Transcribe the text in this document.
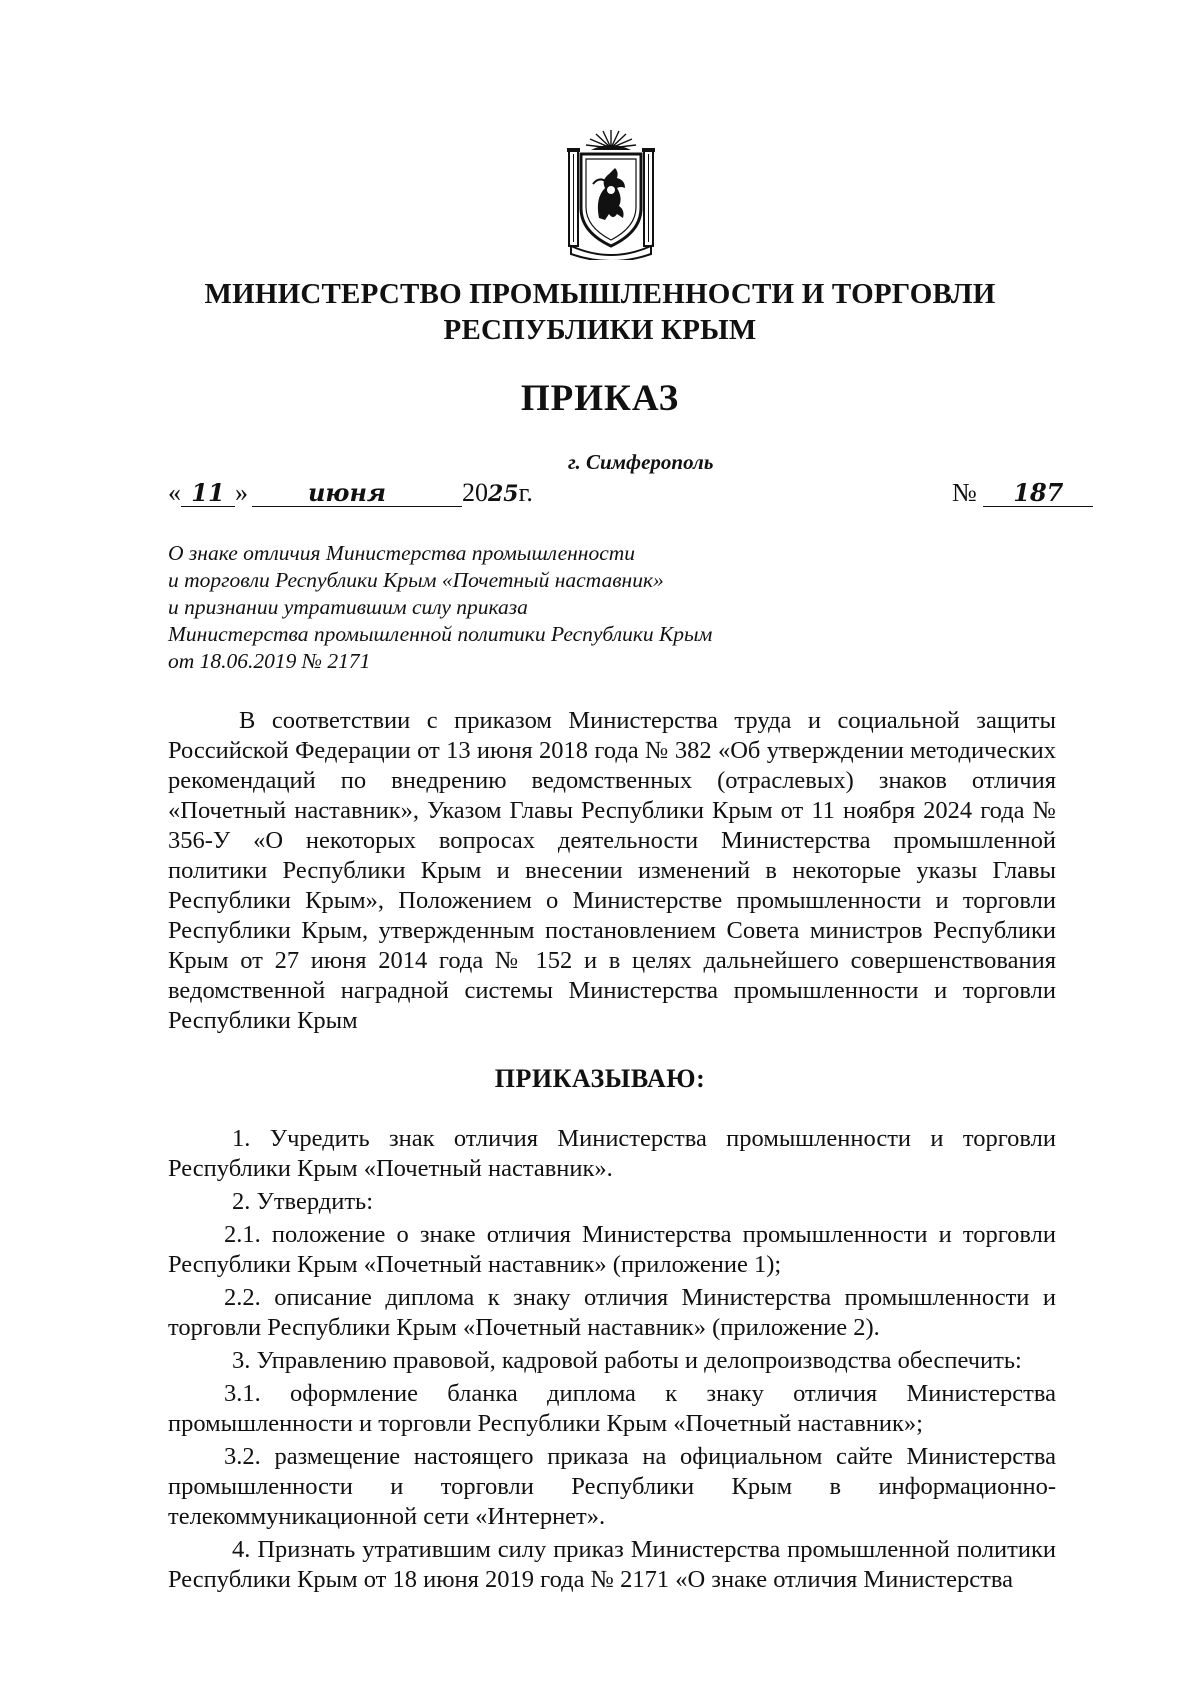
МИНИСТЕРСТВО ПРОМЫШЛЕННОСТИ И ТОРГОВЛИ
РЕСПУБЛИКИ КРЫМ
ПРИКАЗ
г. Симферополь
« 11 » июня	2025г.	№ 187
О знаке отличия Министерства промышленности
и торговли Республики Крым «Почетный наставник»
и признании утратившим силу приказа
Министерства промышленной политики Республики Крым
от 18.06.2019 № 2171
В соответствии с приказом Министерства труда и социальной защиты Российской Федерации от 13 июня 2018 года № 382 «Об утверждении методических рекомендаций по внедрению ведомственных (отраслевых) знаков отличия «Почетный наставник», Указом Главы Республики Крым от 11 ноября 2024 года № 356-У «О некоторых вопросах деятельности Министерства промышленной политики Республики Крым и внесении изменений в некоторые указы Главы Республики Крым», Положением о Министерстве промышленности и торговли Республики Крым, утвержденным постановлением Совета министров Республики Крым от 27 июня 2014 года № 152 и в целях дальнейшего совершенствования ведомственной наградной системы Министерства промышленности и торговли Республики Крым
ПРИКАЗЫВАЮ:

1. Учредить знак отличия Министерства промышленности и торговли Республики Крым «Почетный наставник».

2. Утвердить:

2.1. положение о знаке отличия Министерства промышленности и торговли Республики Крым «Почетный наставник» (приложение 1);

2.2. описание диплома к знаку отличия Министерства промышленности и торговли Республики Крым «Почетный наставник» (приложение 2).

3. Управлению правовой, кадровой работы и делопроизводства обеспечить:

3.1. оформление бланка диплома к знаку отличия Министерства промышленности и торговли Республики Крым «Почетный наставник»;

3.2. размещение настоящего приказа на официальном сайте Министерства промышленности и торговли Республики Крым в информационно-телекоммуникационной сети «Интернет».

4. Признать утратившим силу приказ Министерства промышленной политики Республики Крым от 18 июня 2019 года № 2171 «О знаке отличия Министерства
